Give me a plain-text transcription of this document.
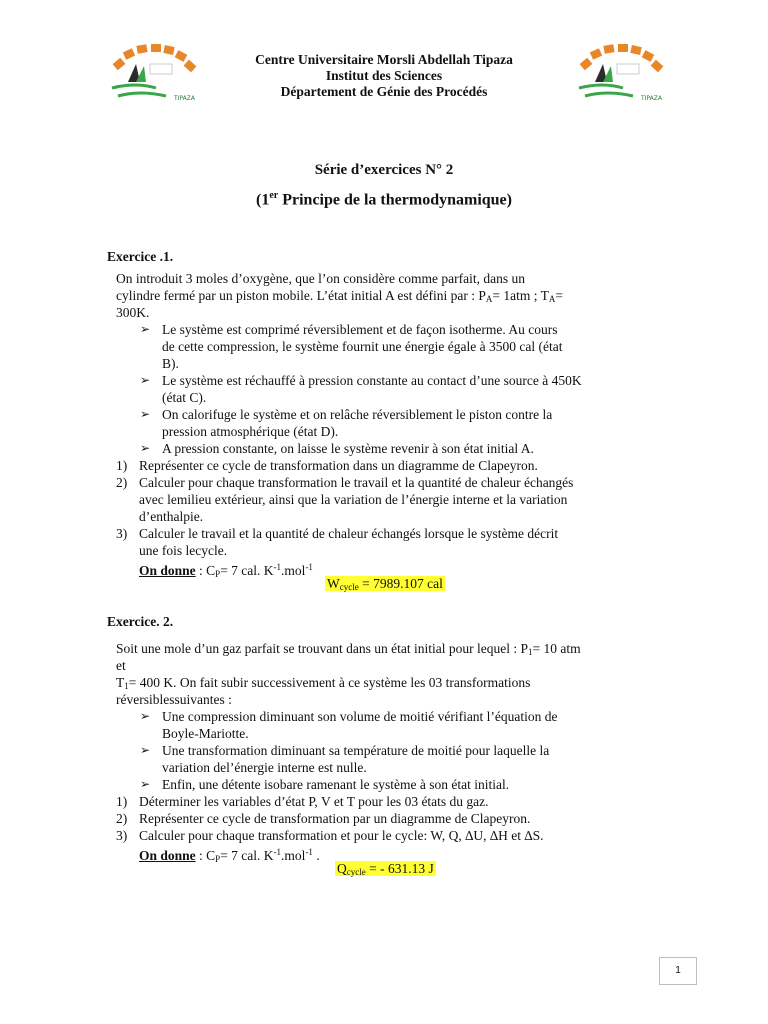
TIPAZA	TIPAZA
Centre Universitaire Morsli Abdellah Tipaza
Institut des Sciences
Département de Génie des Procédés
Série d’exercices N° 2
(1er Principe de la thermodynamique)
Exercice .1.
On introduit 3 moles d’oxygène, que l’on considère comme parfait, dans un
cylindre fermé par un piston mobile. L’état initial A est défini par : $P_A= 1atm$ ; $T_A=$
300K.
➢ Le système est comprimé réversiblement et de façon isotherme. Au cours
de cette compression, le système fournit une énergie égale à 3500 cal (état
B).
➢ Le système est réchauffé à pression constante au contact d’une source à 450K
(état C).
➢ On calorifuge le système et on relâche réversiblement le piston contre la
pression atmosphérique (état D).
➢ A pression constante, on laisse le système revenir à son état initial A.
1) Représenter ce cycle de transformation dans un diagramme de Clapeyron.
2) Calculer pour chaque transformation le travail et la quantité de chaleur échangés
avec lemilieu extérieur, ainsi que la variation de l’énergie interne et la variation
d’enthalpie.
3) Calculer le travail et la quantité de chaleur échangés lorsque le système décrit
une fois lecycle.
On donne : $C_P= 7$ cal. $K^{-1}.mol^{-1}$
$W_{cycle} = 7989.107$ cal
Exercice. 2.
Soit une mole d’un gaz parfait se trouvant dans un état initial pour lequel : $P_1= 10$ atm
et
$T_1= 400$ K. On fait subir successivement à ce système les 03 transformations
réversiblessuivantes :
➢ Une compression diminuant son volume de moitié vérifiant l’équation de
Boyle-Mariotte.
➢ Une transformation diminuant sa température de moitié pour laquelle la
variation del’énergie interne est nulle.
➢ Enfin, une détente isobare ramenant le système à son état initial.
1) Déterminer les variables d’état P, V et T pour les 03 états du gaz.
2) Représenter ce cycle de transformation par un diagramme de Clapeyron.
3) Calculer pour chaque transformation et pour le cycle: W, Q, ∆U, ∆H et ∆S.
On donne : $C_P= 7$ cal. $K^{-1}.mol^{-1}$ .
$Q_{cycle}$ = - 631.13 J
1
